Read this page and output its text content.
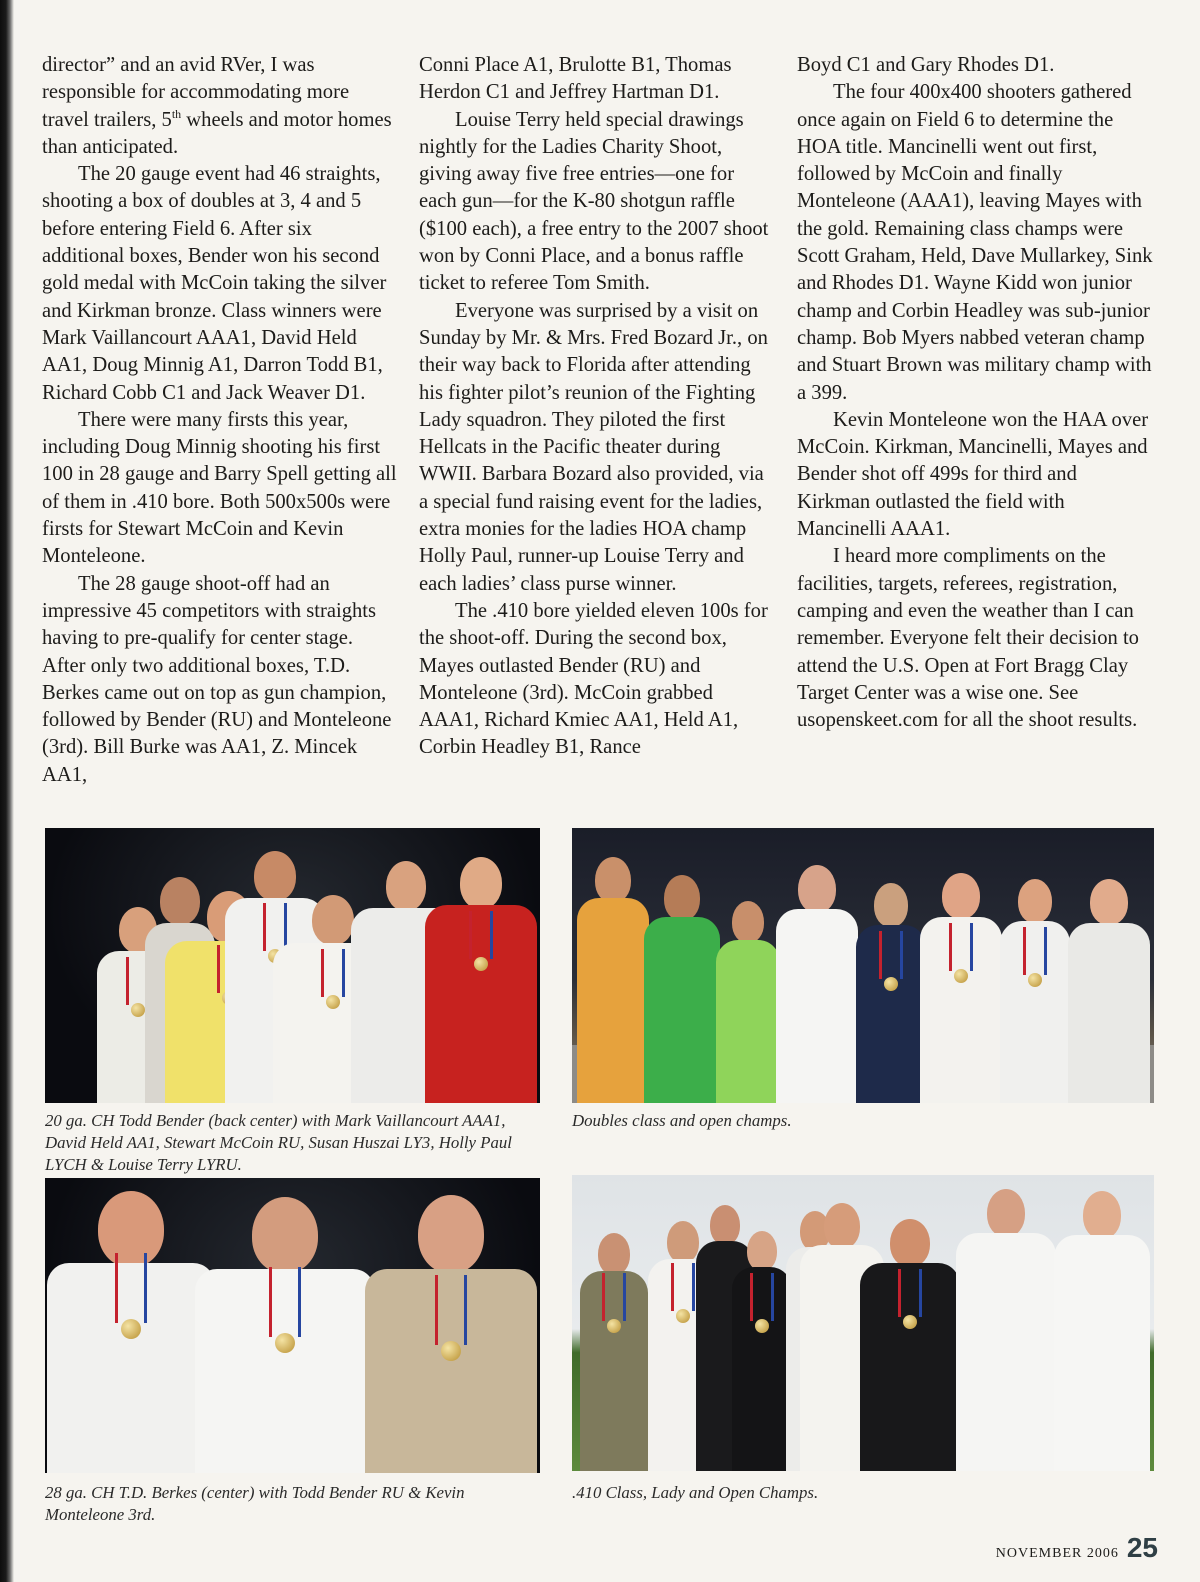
director” and an avid RVer, I was responsible for accommodating more travel trailers, 5th wheels and motor homes than anticipated.

The 20 gauge event had 46 straights, shooting a box of doubles at 3, 4 and 5 before entering Field 6. After six additional boxes, Bender won his second gold medal with McCoin taking the silver and Kirkman bronze. Class winners were Mark Vaillancourt AAA1, David Held AA1, Doug Minnig A1, Darron Todd B1, Richard Cobb C1 and Jack Weaver D1.

There were many firsts this year, including Doug Minnig shooting his first 100 in 28 gauge and Barry Spell getting all of them in .410 bore. Both 500x500s were firsts for Stewart McCoin and Kevin Monteleone.

The 28 gauge shoot-off had an impressive 45 competitors with straights having to pre-qualify for center stage. After only two additional boxes, T.D. Berkes came out on top as gun champion, followed by Bender (RU) and Monteleone (3rd). Bill Burke was AA1, Z. Mincek AA1,

Conni Place A1, Brulotte B1, Thomas Herdon C1 and Jeffrey Hartman D1.

Louise Terry held special drawings nightly for the Ladies Charity Shoot, giving away five free entries—one for each gun—for the K-80 shotgun raffle ($100 each), a free entry to the 2007 shoot won by Conni Place, and a bonus raffle ticket to referee Tom Smith.

Everyone was surprised by a visit on Sunday by Mr. & Mrs. Fred Bozard Jr., on their way back to Florida after attending his fighter pilot’s reunion of the Fighting Lady squadron. They piloted the first Hellcats in the Pacific theater during WWII. Barbara Bozard also provided, via a special fund raising event for the ladies, extra monies for the ladies HOA champ Holly Paul, runner-up Louise Terry and each ladies’ class purse winner.

The .410 bore yielded eleven 100s for the shoot-off. During the second box, Mayes outlasted Bender (RU) and Monteleone (3rd). McCoin grabbed AAA1, Richard Kmiec AA1, Held A1, Corbin Headley B1, Rance

Boyd C1 and Gary Rhodes D1.

The four 400x400 shooters gathered once again on Field 6 to determine the HOA title. Mancinelli went out first, followed by McCoin and finally Monteleone (AAA1), leaving Mayes with the gold. Remaining class champs were Scott Graham, Held, Dave Mullarkey, Sink and Rhodes D1. Wayne Kidd won junior champ and Corbin Headley was sub-junior champ. Bob Myers nabbed veteran champ and Stuart Brown was military champ with a 399.

Kevin Monteleone won the HAA over McCoin. Kirkman, Mancinelli, Mayes and Bender shot off 499s for third and Kirkman outlasted the field with Mancinelli AAA1.

I heard more compliments on the facilities, targets, referees, registration, camping and even the weather than I can remember. Everyone felt their decision to attend the U.S. Open at Fort Bragg Clay Target Center was a wise one. See usopenskeet.com for all the shoot results.

20 ga. CH Todd Bender (back center) with Mark Vaillancourt AAA1, David Held AA1, Stewart McCoin RU, Susan Huszai LY3, Holly Paul LYCH & Louise Terry LYRU.
Doubles class and open champs.
28 ga. CH T.D. Berkes (center) with Todd Bender RU & Kevin Monteleone 3rd.
.410 Class, Lady and Open Champs.
NOVEMBER 2006 25
